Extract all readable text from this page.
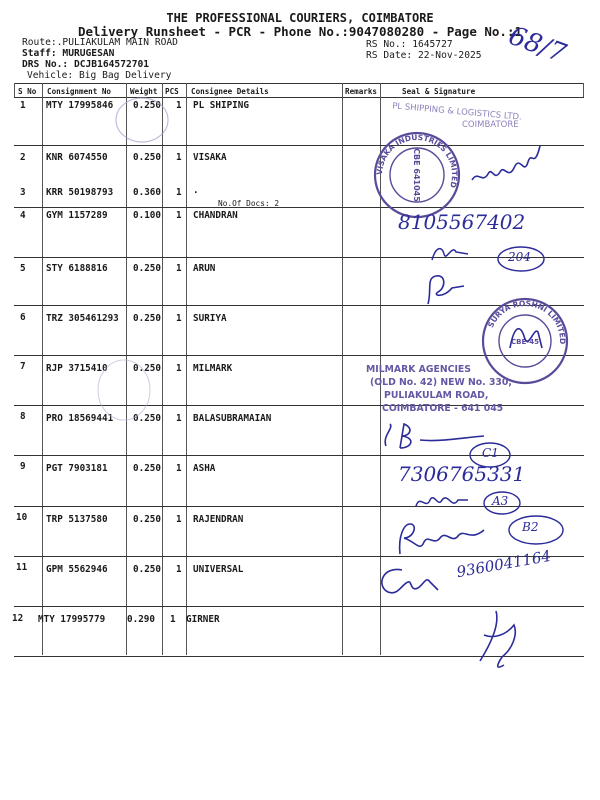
THE PROFESSIONAL COURIERS, COIMBATORE
Delivery Runsheet - PCR - Phone No.:9047080280 - Page No.:1
Route:.PULIAKULAM MAIN ROAD
Staff: MURUGESAN
DRS No.: DCJB164572701
Vehicle: Big Bag Delivery
RS No.: 1645727
RS Date: 22-Nov-2025
S No Consignment No Weight PCS Consignee Details	Remarks	Seal & Signature
1 MTY 17995846 0.250 1 PL SHIPING
2 KNR 6074550	0.250 1 VISAKA
3 KRR 50198793 0.360 1 .
No.Of Docs: 2
4 GYM 1157289	0.100 1 CHANDRAN
5 STY 6188816	0.250 1 ARUN
6 TRZ 305461293 0.250 1 SURIYA
7 RJP 3715410	0.250 1 MILMARK
8 PRO 18569441 0.250 1 BALASUBRAMAIAN
9 PGT 7903181	0.250 1 ASHA
10 TRP 5137580	0.250 1 RAJENDRAN
11 GPM 5562946	0.250 1 UNIVERSAL
12 MTY 17995779 0.290 1 GIRNER
68/7
PL SHIPPING & LOGISTICS LTD.
COIMBATORE
VISAKA INDUSTRIES LIMITED
CBE 641045
8105567402
204
SURYA ROSHNI LIMITED
CBE-45
MILMARK AGENCIES
(OLD No. 42) NEW No. 330,
PULIAKULAM ROAD,
COIMBATORE - 641 045
C1
7306765331
A3
B2
9360041164
